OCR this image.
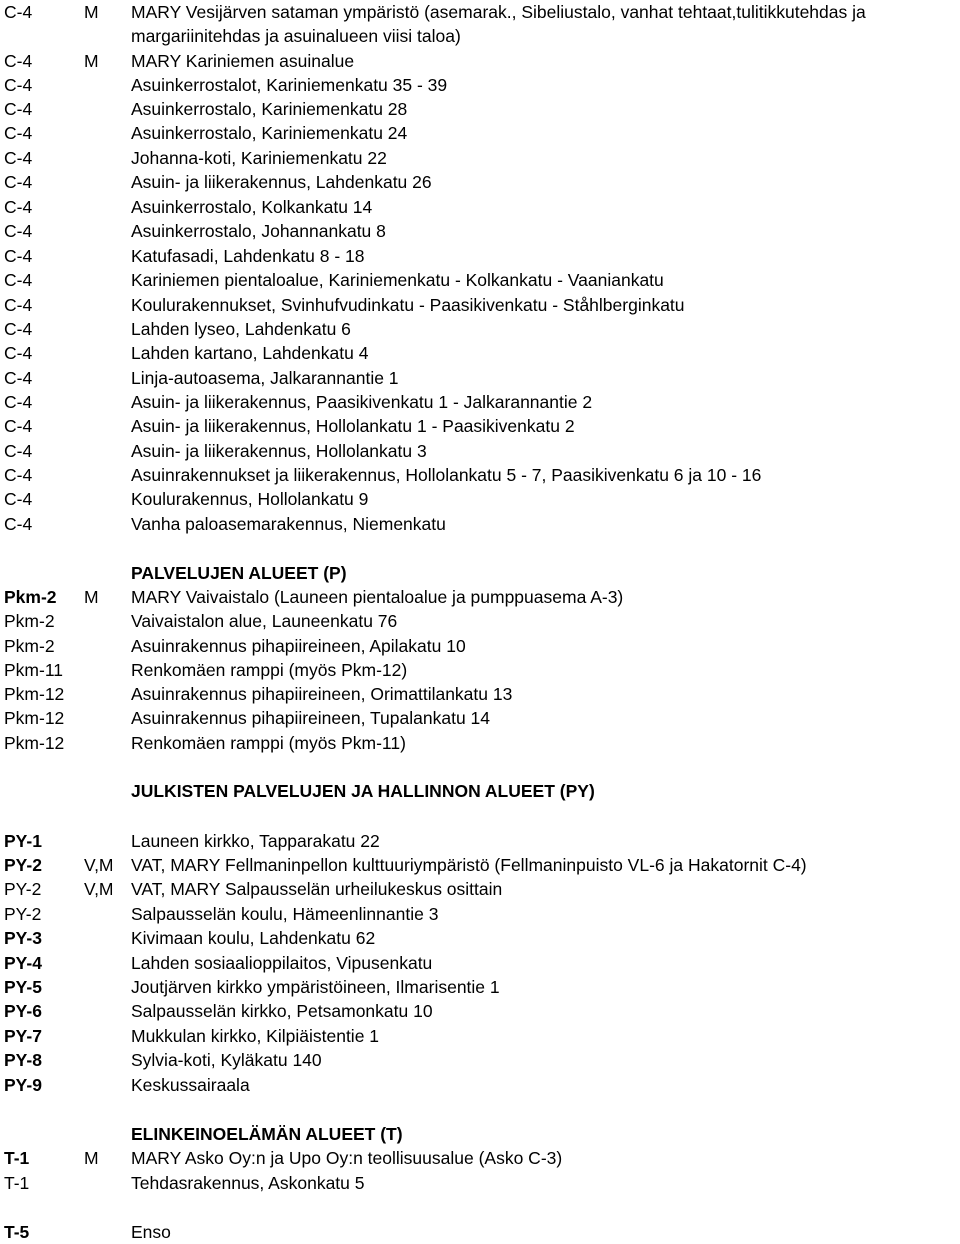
margariinitehdas ja asuinalueen viisi taloa)
PALVELUJEN ALUEET (P)
JULKISTEN PALVELUJEN JA HALLINNON ALUEET (PY)
ELINKEINOELÄMÄN ALUEET (T)
C-4	M MARY Vesijärven sataman ympäristö (asemarak., Sibeliustalo, vanhat tehtaat,tulitikkutehdas ja
C-4	M MARY Kariniemen asuinalue
C-4	Asuinkerrostalot, Kariniemenkatu 35 - 39
C-4	Asuinkerrostalo, Kariniemenkatu 28
C-4	Asuinkerrostalo, Kariniemenkatu 24
C-4	Johanna-koti, Kariniemenkatu 22
C-4	Asuin- ja liikerakennus, Lahdenkatu 26
C-4	Asuinkerrostalo, Kolkankatu 14
C-4	Asuinkerrostalo, Johannankatu 8
C-4	Katufasadi, Lahdenkatu 8 - 18
C-4	Kariniemen pientaloalue, Kariniemenkatu - Kolkankatu - Vaaniankatu
C-4	Koulurakennukset, Svinhufvudinkatu - Paasikivenkatu - Ståhlberginkatu
C-4	Lahden lyseo, Lahdenkatu 6
C-4	Lahden kartano, Lahdenkatu 4
C-4	Linja-autoasema, Jalkarannantie 1
C-4	Asuin- ja liikerakennus, Paasikivenkatu 1 - Jalkarannantie 2
C-4	Asuin- ja liikerakennus, Hollolankatu 1 - Paasikivenkatu 2
C-4	Asuin- ja liikerakennus, Hollolankatu 3
C-4	Asuinrakennukset ja liikerakennus, Hollolankatu 5 - 7, Paasikivenkatu 6 ja 10 - 16
C-4	Koulurakennus, Hollolankatu 9
C-4	Vanha paloasemarakennus, Niemenkatu
Pkm-2 M MARY Vaivaistalo (Launeen pientaloalue ja pumppuasema A-3)
Pkm-2	Vaivaistalon alue, Launeenkatu 76
Pkm-2	Asuinrakennus pihapiireineen, Apilakatu 10
Pkm-11	Renkomäen ramppi (myös Pkm-12)
Pkm-12	Asuinrakennus pihapiireineen, Orimattilankatu 13
Pkm-12	Asuinrakennus pihapiireineen, Tupalankatu 14
Pkm-12	Renkomäen ramppi (myös Pkm-11)
PY-1	Launeen kirkko, Tapparakatu 22
PY-2 V,M VAT, MARY Fellmaninpellon kulttuuriympäristö (Fellmaninpuisto VL-6 ja Hakatornit C-4)
PY-2 V,M VAT, MARY Salpausselän urheilukeskus osittain
PY-2	Salpausselän koulu, Hämeenlinnantie 3
PY-3	Kivimaan koulu, Lahdenkatu 62
PY-4	Lahden sosiaalioppilaitos, Vipusenkatu
PY-5	Joutjärven kirkko ympäristöineen, Ilmarisentie 1
PY-6	Salpausselän kirkko, Petsamonkatu 10
PY-7	Mukkulan kirkko, Kilpiäistentie 1
PY-8	Sylvia-koti, Kyläkatu 140
PY-9	Keskussairaala
T-1	M MARY Asko Oy:n ja Upo Oy:n teollisuusalue (Asko C-3)
T-1	Tehdasrakennus, Askonkatu 5
T-5	Enso
